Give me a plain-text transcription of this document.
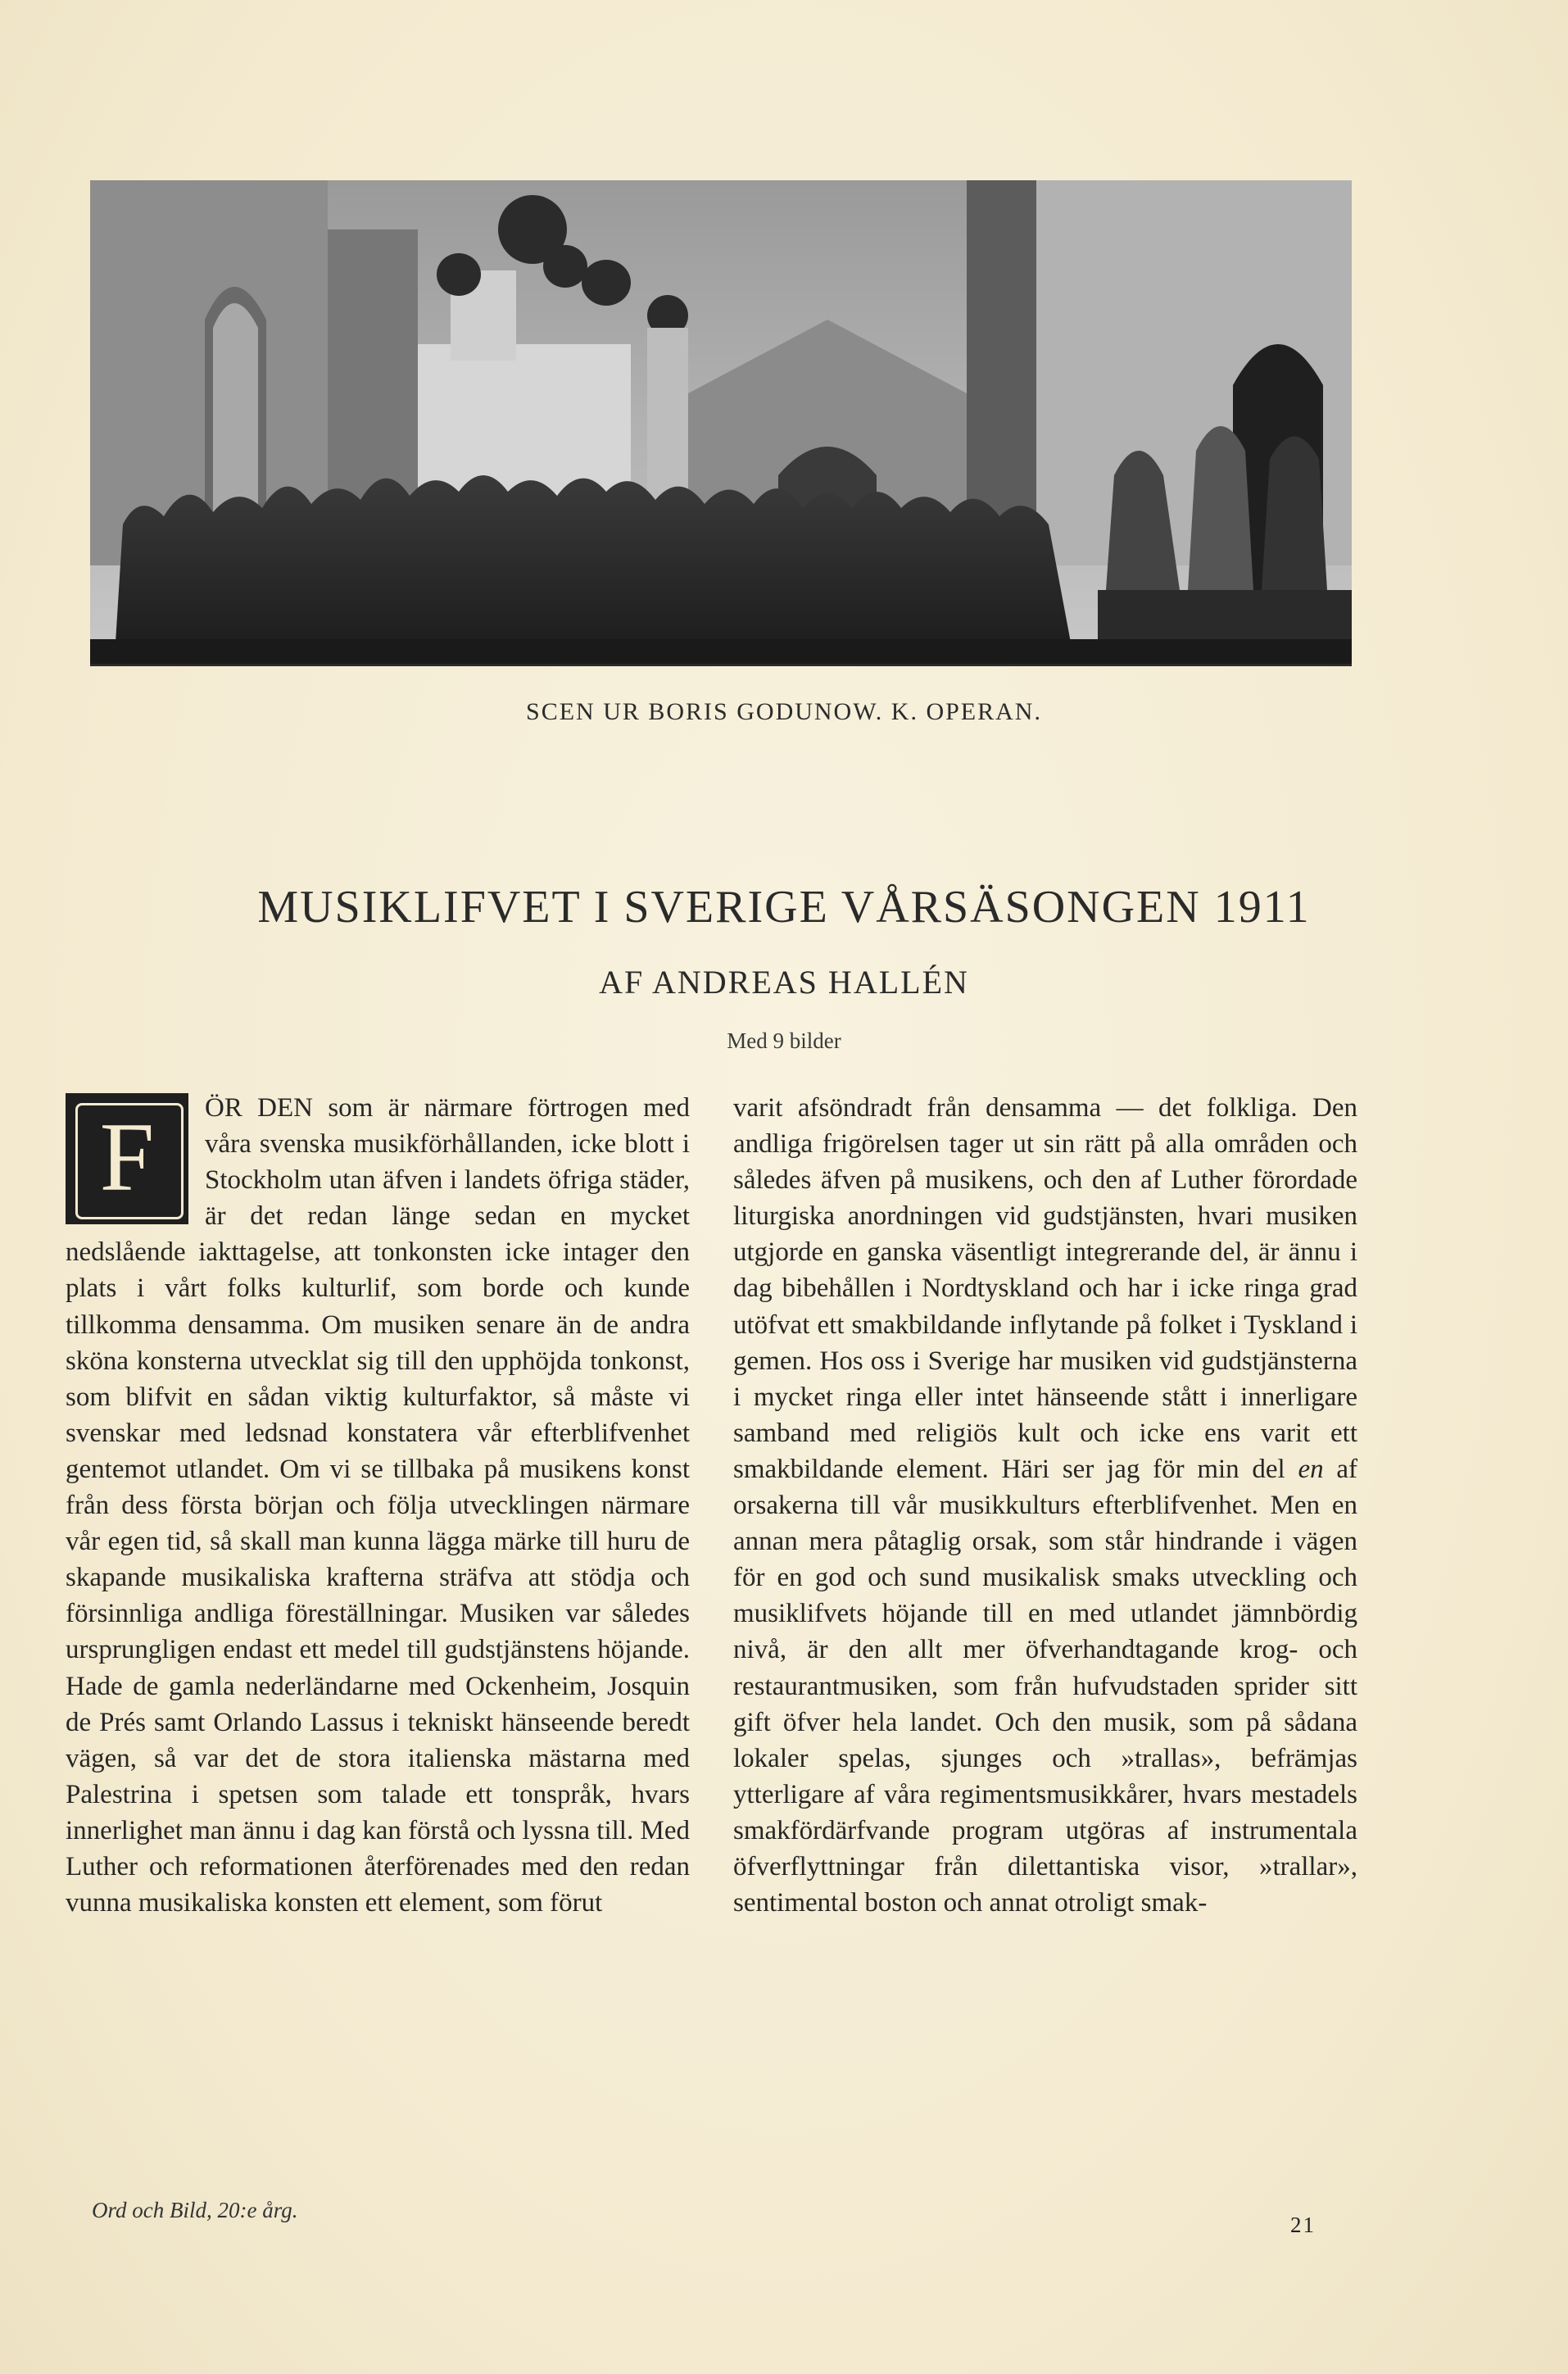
SCEN UR BORIS GODUNOW. K. OPERAN.
MUSIKLIFVET I SVERIGE VÅRSÄSONGEN 1911
AF ANDREAS HALLÉN
Med 9 bilder
F	ÖR DEN som är närmare förtrogen med våra svenska musikförhållanden, icke blott i Stockholm utan äfven i landets öfriga städer, är det redan länge sedan en mycket nedslående iakttagelse, att tonkonsten icke intager den plats i vårt folks kulturlif, som borde och kunde tillkomma densamma. Om musiken senare än de andra sköna konsterna utvecklat sig till den upphöjda tonkonst, som blifvit en sådan viktig kulturfaktor, så måste vi svenskar med ledsnad konstatera vår efterblifvenhet gentemot utlandet. Om vi se tillbaka på musikens konst från dess första början och följa utvecklingen närmare vår egen tid, så skall man kunna lägga märke till huru de skapande musikaliska krafterna sträfva att stödja och försinnliga andliga föreställningar. Musiken var således ursprungligen endast ett medel till gudstjänstens höjande. Hade de gamla nederländarne med Ockenheim, Josquin de Prés samt Orlando Lassus i tekniskt hänseende beredt vägen, så var det de stora italienska mästarna med Palestrina i spetsen som talade ett tonspråk, hvars innerlighet man ännu i dag kan förstå och lyssna till. Med Luther och reformationen återförenades med den redan vunna musikaliska konsten ett element, som förut

varit afsöndradt från densamma — det folkliga. Den andliga frigörelsen tager ut sin rätt på alla områden och således äfven på musikens, och den af Luther förordade liturgiska anordningen vid gudstjänsten, hvari musiken utgjorde en ganska väsentligt integrerande del, är ännu i dag bibehållen i Nordtyskland och har i icke ringa grad utöfvat ett smakbildande inflytande på folket i Tyskland i gemen. Hos oss i Sverige har musiken vid gudstjänsterna i mycket ringa eller intet hänseende stått i innerligare samband med religiös kult och icke ens varit ett smakbildande element. Häri ser jag för min del en af orsakerna till vår musikkulturs efterblifvenhet. Men en annan mera påtaglig orsak, som står hindrande i vägen för en god och sund musikalisk smaks utveckling och musiklifvets höjande till en med utlandet jämnbördig nivå, är den allt mer öfverhandtagande krog- och restaurantmusiken, som från hufvudstaden sprider sitt gift öfver hela landet. Och den musik, som på sådana lokaler spelas, sjunges och »trallas», befrämjas ytterligare af våra regimentsmusikkårer, hvars mestadels smakfördärfvande program utgöras af instrumentala öfverflyttningar från dilettantiska visor, »trallar», sentimental boston och annat otroligt smak-

Ord och Bild, 20:e årg.
21
